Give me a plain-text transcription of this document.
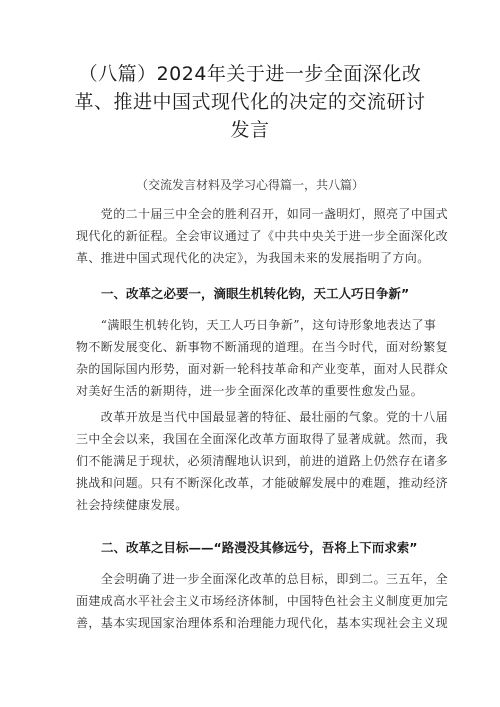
（八篇）2024年关于进一步全面深化改
革、推进中国式现代化的决定的交流研讨
发言
（交流发言材料及学习心得篇一，共八篇）
　　党的二十届三中全会的胜利召开，如同一盏明灯，照亮了中国式
现代化的新征程。全会审议通过了《中共中央关于进一步全面深化改
革、推进中国式现代化的决定》，为我国未来的发展指明了方向。
一、改革之必要一，滴眼生机转化钧，天工人巧日争新”
　　“满眼生机转化钧，天工人巧日争新”，这句诗形象地表达了事
物不断发展变化、新事物不断涌现的道理。在当今时代，面对纷繁复
杂的国际国内形势，面对新一轮科技革命和产业变革，面对人民群众
对美好生活的新期待，进一步全面深化改革的重要性愈发凸显。
　　改革开放是当代中国最显著的特征、最壮丽的气象。党的十八届
三中全会以来，我国在全面深化改革方面取得了显著成就。然而，我
们不能满足于现状，必须清醒地认识到，前进的道路上仍然存在诸多
挑战和问题。只有不断深化改革，才能破解发展中的难题，推动经济
社会持续健康发展。
二、改革之目标——“路漫没其修远兮，吾将上下而求索”
　　全会明确了进一步全面深化改革的总目标，即到二。三五年，全
面建成高水平社会主义市场经济体制，中国特色社会主义制度更加完
善，基本实现国家治理体系和治理能力现代化，基本实现社会主义现
